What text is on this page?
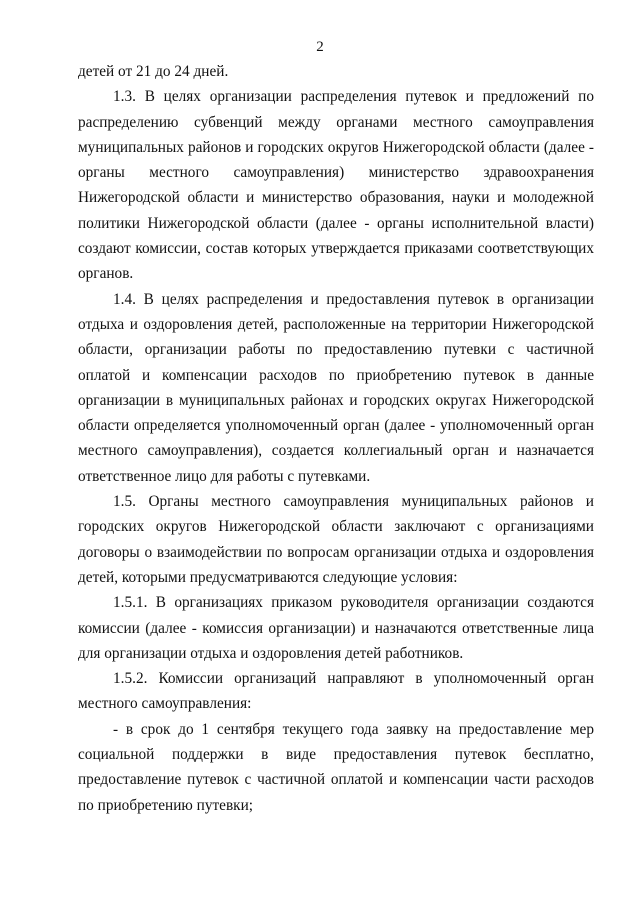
2

детей от 21 до 24 дней.

1.3. В целях организации распределения путевок и предложений по распределению субвенций между органами местного самоуправления муниципальных районов и городских округов Нижегородской области (далее - органы местного самоуправления) министерство здравоохранения Нижегородской области и министерство образования, науки и молодежной политики Нижегородской области (далее - органы исполнительной власти) создают комиссии, состав которых утверждается приказами соответствующих органов.

1.4. В целях распределения и предоставления путевок в организации отдыха и оздоровления детей, расположенные на территории Нижегородской области, организации работы по предоставлению путевки с частичной оплатой и компенсации расходов по приобретению путевок в данные организации в муниципальных районах и городских округах Нижегородской области определяется уполномоченный орган (далее - уполномоченный орган местного самоуправления), создается коллегиальный орган и назначается ответственное лицо для работы с путевками.

1.5. Органы местного самоуправления муниципальных районов и городских округов Нижегородской области заключают с организациями договоры о взаимодействии по вопросам организации отдыха и оздоровления детей, которыми предусматриваются следующие условия:

1.5.1. В организациях приказом руководителя организации создаются комиссии (далее - комиссия организации) и назначаются ответственные лица для организации отдыха и оздоровления детей работников.

1.5.2. Комиссии организаций направляют в уполномоченный орган местного самоуправления:

- в срок до 1 сентября текущего года заявку на предоставление мер социальной поддержки в виде предоставления путевок бесплатно, предоставление путевок с частичной оплатой и компенсации части расходов по приобретению путевки;
